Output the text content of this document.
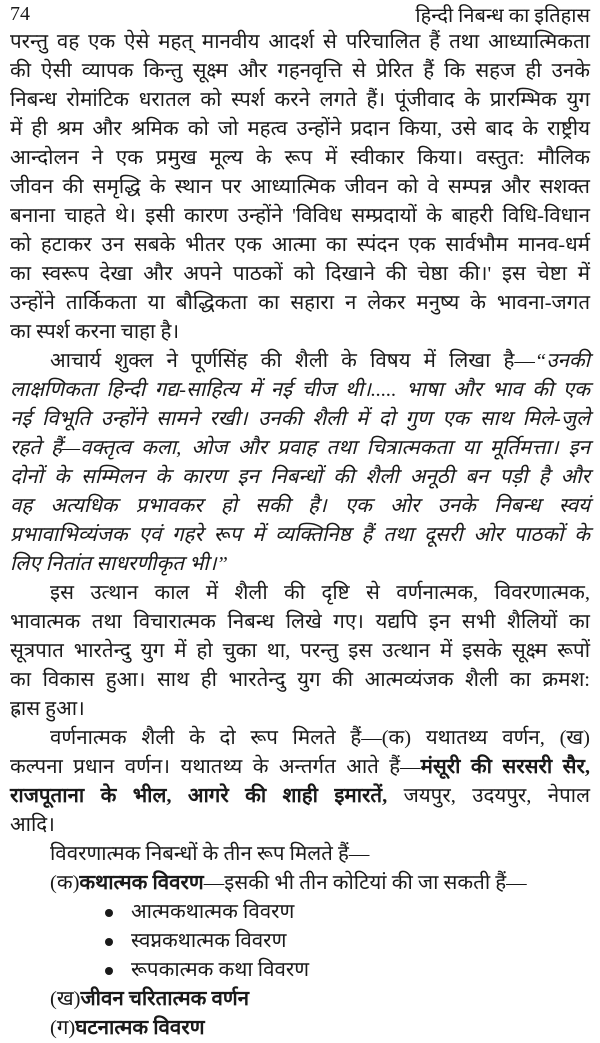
74	हिन्दी निबन्ध का इतिहास
परन्तु वह एक ऐसे महत् मानवीय आदर्श से परिचालित हैं तथा आध्यात्मिकता
की ऐसी व्यापक किन्तु सूक्ष्म और गहनवृत्ति से प्रेरित हैं कि सहज ही उनके
निबन्ध रोमांटिक धरातल को स्पर्श करने लगते हैं। पूंजीवाद के प्रारम्भिक युग
में ही श्रम और श्रमिक को जो महत्व उन्होंने प्रदान किया, उसे बाद के राष्ट्रीय
आन्दोलन ने एक प्रमुख मूल्य के रूप में स्वीकार किया। वस्तुत: मौलिक
जीवन की समृद्धि के स्थान पर आध्यात्मिक जीवन को वे सम्पन्न और सशक्त
बनाना चाहते थे। इसी कारण उन्होंने 'विविध सम्प्रदायों के बाहरी विधि-विधान
को हटाकर उन सबके भीतर एक आत्मा का स्पंदन एक सार्वभौम मानव-धर्म
का स्वरूप देखा और अपने पाठकों को दिखाने की चेष्ठा की।' इस चेष्टा में
उन्होंने तार्किकता या बौद्धिकता का सहारा न लेकर मनुष्य के भावना-जगत
का स्पर्श करना चाहा है।
आचार्य शुक्ल ने पूर्णसिंह की शैली के विषय में लिखा है—“उनकी
लाक्षणिकता हिन्दी गद्य-साहित्य में नई चीज थी।..... भाषा और भाव की एक
नई विभूति उन्होंने सामने रखी। उनकी शैली में दो गुण एक साथ मिले-जुले
रहते हैं—वक्तृत्व कला, ओज और प्रवाह तथा चित्रात्मकता या मूर्तिमत्ता। इन
दोनों के सम्मिलन के कारण इन निबन्धों की शैली अनूठी बन पड़ी है और
वह अत्यधिक प्रभावकर हो सकी है। एक ओर उनके निबन्ध स्वयं
प्रभावाभिव्यंजक एवं गहरे रूप में व्यक्तिनिष्ठ हैं तथा दूसरी ओर पाठकों के
लिए नितांत साधरणीकृत भी।”
इस उत्थान काल में शैली की दृष्टि से वर्णनात्मक, विवरणात्मक,
भावात्मक तथा विचारात्मक निबन्ध लिखे गए। यद्यपि इन सभी शैलियों का
सूत्रपात भारतेन्दु युग में हो चुका था, परन्तु इस उत्थान में इसके सूक्ष्म रूपों
का विकास हुआ। साथ ही भारतेन्दु युग की आत्मव्यंजक शैली का क्रमश:
ह्रास हुआ।
वर्णनात्मक शैली के दो रूप मिलते हैं—(क) यथातथ्य वर्णन, (ख)
कल्पना प्रधान वर्णन। यथातथ्य के अन्तर्गत आते हैं—मंसूरी की सरसरी सैर,
राजपूताना के भील, आगरे की शाही इमारतें, जयपुर, उदयपुर, नेपाल
आदि।
विवरणात्मक निबन्धों के तीन रूप मिलते हैं—
(क)कथात्मक विवरण—इसकी भी तीन कोटियां की जा सकती हैं—
आत्मकथात्मक विवरण
स्वप्नकथात्मक विवरण
रूपकात्मक कथा विवरण
(ख)जीवन चरितात्मक वर्णन
(ग)घटनात्मक विवरण
